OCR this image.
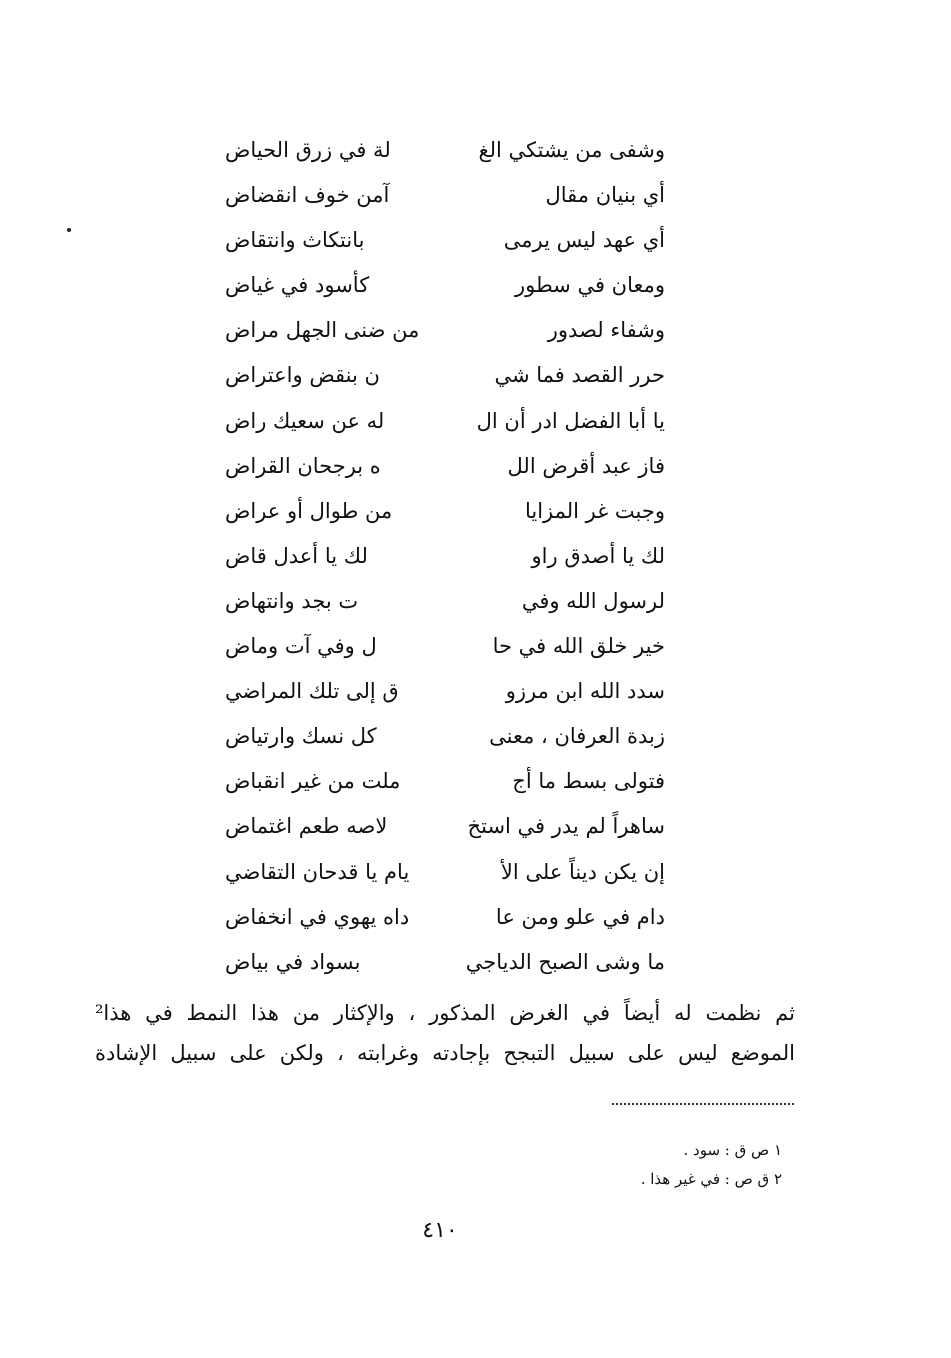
وشفى من يشتكي الغ
لة في زرق الحياض
أي بنيان مقال
آمن خوف انقضاض
أي عهد ليس يرمى
بانتكاث وانتقاض
ومعان في سطور
كأسود في غياض
وشفاء لصدور
من ضنى الجهل مراض
حرر القصد فما شي
ن بنقض واعتراض
يا أبا الفضل ادر أن ال
له عن سعيك راض
فاز عبد أقرض الل
ه برجحان القراض
وجبت غر المزايا
من طوال أو عراض
لك يا أصدق راو
لك يا أعدل قاض
لرسول الله وفي
ت بجد وانتهاض
خير خلق الله في حا
ل وفي آت وماض
سدد الله ابن مرزو
ق إلى تلك المراضي
زبدة العرفان ، معنى
كل نسك وارتياض
فتولى بسط ما أج
ملت من غير انقباض
ساهراً لم يدر في استخ
لاصه طعم اغتماض
إن يكن ديناً على الأ
يام يا قدحان التقاضي
دام في علو ومن عا
داه يهوي في انخفاض
ما وشى الصبح الدياجي
بسواد في بياض
ثم نظمت له أيضاً في الغرض المذكور ، والإكثار من هذا النمط في هذا²
الموضع ليس على سبيل التبجح بإجادته وغرابته ، ولكن على سبيل الإشادة
١ ص ق : سود .
٢ ق ص : في غير هذا .
٤١٠
